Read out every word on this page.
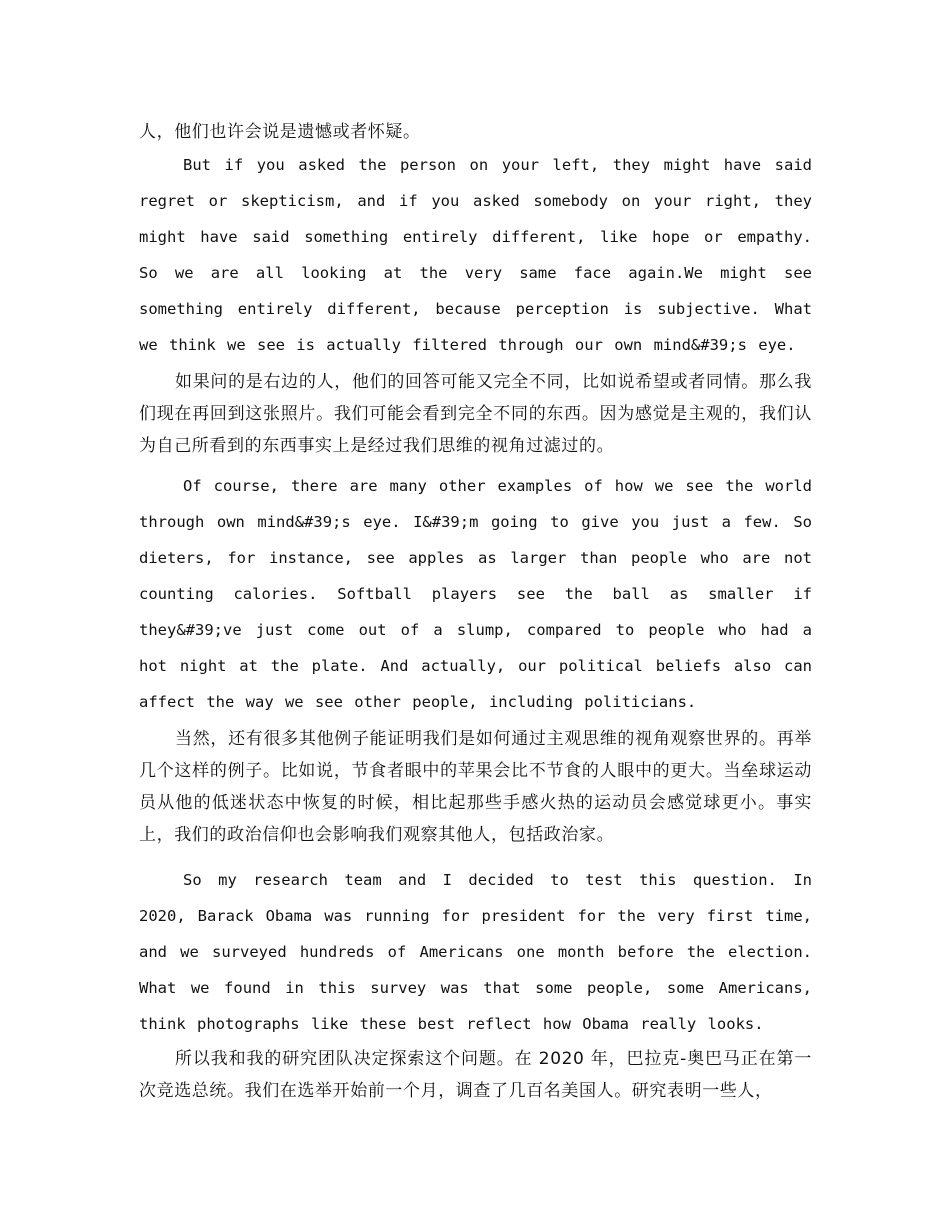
人，他们也许会说是遗憾或者怀疑。

But if you asked the person on your left, they might have said regret or skepticism, and if you asked somebody on your right, they might have said something entirely different, like hope or empathy. So we are all looking at the very same face again.We might see something entirely different, because perception is subjective. What we think we see is actually filtered through our own mind&#39;s eye.

如果问的是右边的人，他们的回答可能又完全不同，比如说希望或者同情。那么我们现在再回到这张照片。我们可能会看到完全不同的东西。因为感觉是主观的，我们认为自己所看到的东西事实上是经过我们思维的视角过滤过的。

Of course, there are many other examples of how we see the world through own mind&#39;s eye. I&#39;m going to give you just a few. So dieters, for instance, see apples as larger than people who are not counting calories. Softball players see the ball as smaller if they&#39;ve just come out of a slump, compared to people who had a hot night at the plate. And actually, our political beliefs also can affect the way we see other people, including politicians.

当然，还有很多其他例子能证明我们是如何通过主观思维的视角观察世界的。再举几个这样的例子。比如说，节食者眼中的苹果会比不节食的人眼中的更大。当垒球运动员从他的低迷状态中恢复的时候，相比起那些手感火热的运动员会感觉球更小。事实上，我们的政治信仰也会影响我们观察其他人，包括政治家。

So my research team and I decided to test this question. In 2020, Barack Obama was running for president for the very first time, and we surveyed hundreds of Americans one month before the election. What we found in this survey was that some people, some Americans, think photographs like these best reflect how Obama really looks.

所以我和我的研究团队决定探索这个问题。在 2020 年，巴拉克-奥巴马正在第一次竞选总统。我们在选举开始前一个月，调查了几百名美国人。研究表明一些人，
